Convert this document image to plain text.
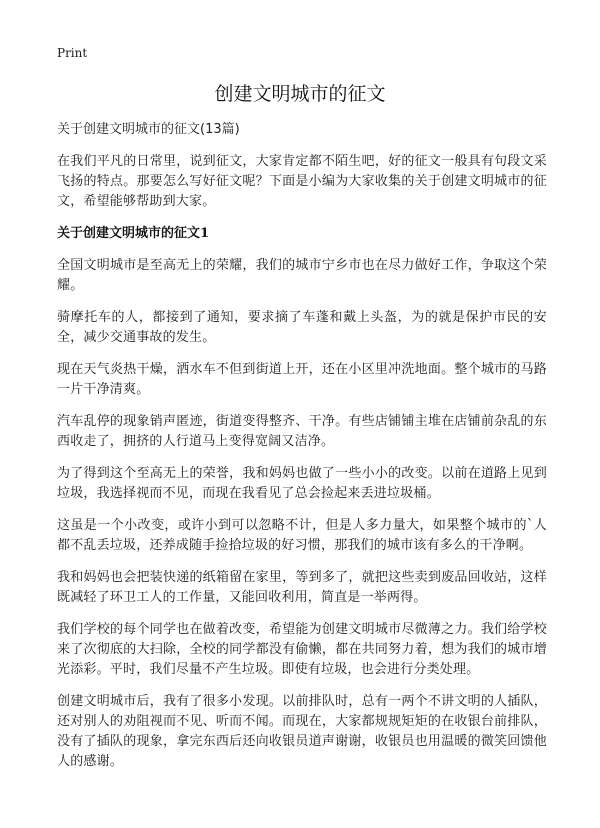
Print
创建文明城市的征文

关于创建文明城市的征文(13篇)

在我们平凡的日常里，说到征文，大家肯定都不陌生吧，好的征文一般具有句段文采飞扬的特点。那要怎么写好征文呢？下面是小编为大家收集的关于创建文明城市的征文，希望能够帮助到大家。

关于创建文明城市的征文1

全国文明城市是至高无上的荣耀，我们的城市宁乡市也在尽力做好工作，争取这个荣耀。

骑摩托车的人，都接到了通知，要求摘了车蓬和戴上头盔，为的就是保护市民的安全，减少交通事故的发生。

现在天气炎热干燥，洒水车不但到街道上开，还在小区里冲洗地面。整个城市的马路一片干净清爽。

汽车乱停的现象销声匿迹，街道变得整齐、干净。有些店铺铺主堆在店铺前杂乱的东西收走了，拥挤的人行道马上变得宽阔又洁净。

为了得到这个至高无上的荣誉，我和妈妈也做了一些小小的改变。以前在道路上见到垃圾，我选择视而不见，而现在我看见了总会捡起来丢进垃圾桶。

这虽是一个小改变，或许小到可以忽略不计，但是人多力量大，如果整个城市的`人都不乱丢垃圾，还养成随手捡拾垃圾的好习惯，那我们的城市该有多么的干净啊。

我和妈妈也会把装快递的纸箱留在家里，等到多了，就把这些卖到废品回收站，这样既减轻了环卫工人的工作量，又能回收利用，简直是一举两得。

我们学校的每个同学也在做着改变，希望能为创建文明城市尽微薄之力。我们给学校来了次彻底的大扫除，全校的同学都没有偷懒，都在共同努力着，想为我们的城市增光添彩。平时，我们尽量不产生垃圾。即使有垃圾，也会进行分类处理。

创建文明城市后，我有了很多小发现。以前排队时，总有一两个不讲文明的人插队，还对别人的劝阻视而不见、听而不闻。而现在，大家都规规矩矩的在收银台前排队，没有了插队的现象，拿完东西后还向收银员道声谢谢，收银员也用温暖的微笑回馈他人的感谢。
